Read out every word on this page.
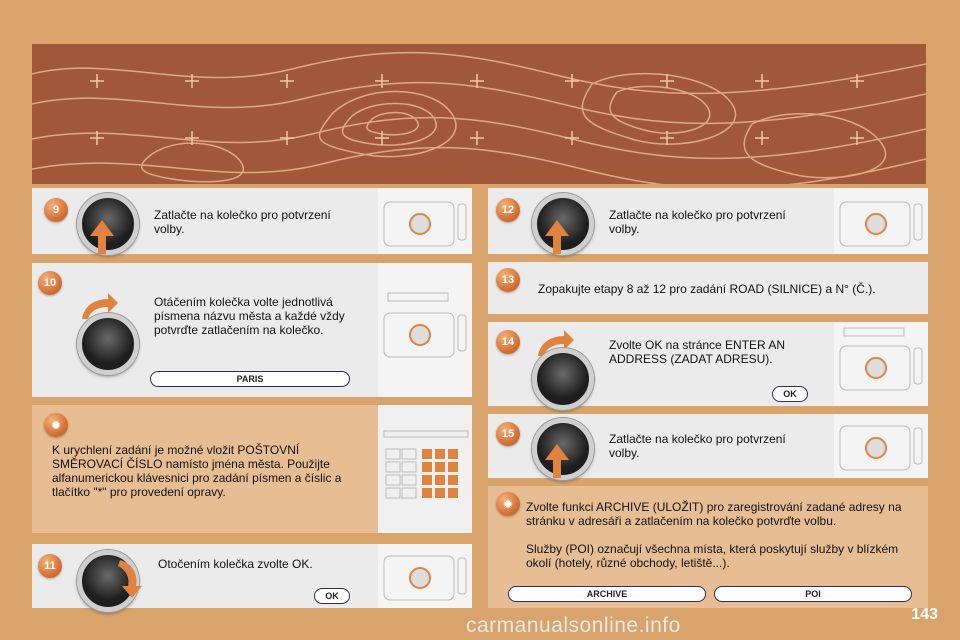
9	Zatlačte na kolečko pro potvrzení volby.
10
Otáčením kolečka volte jednotlivá písmena názvu města a každé vždy potvrďte zatlačením na kolečko.
PARIS
✹
K urychlení zadání je možné vložit POŠTOVNÍ SMĚROVACÍ ČÍSLO namísto jména města. Použijte alfanumerickou klávesnici pro zadání písmen a číslic a tlačítko "*" pro provedení opravy.
11	Otočením kolečka zvolte OK.
OK
12	Zatlačte na kolečko pro potvrzení volby.
13
Zopakujte etapy 8 až 12 pro zadání ROAD (SILNICE) a N° (Č.).
14	Zvolte OK na stránce ENTER AN ADDRESS (ZADAT ADRESU).
OK
15	Zatlačte na kolečko pro potvrzení volby.
✹	Zvolte funkci ARCHIVE (ULOŽIT) pro zaregistrování zadané adresy na stránku v adresáři a zatlačením na kolečko potvrďte volbu.
Služby (POI) označují všechna místa, která poskytují služby v blízkém okolí (hotely, různé obchody, letiště...).
ARCHIVE	POI
143
carmanualsonline.info
